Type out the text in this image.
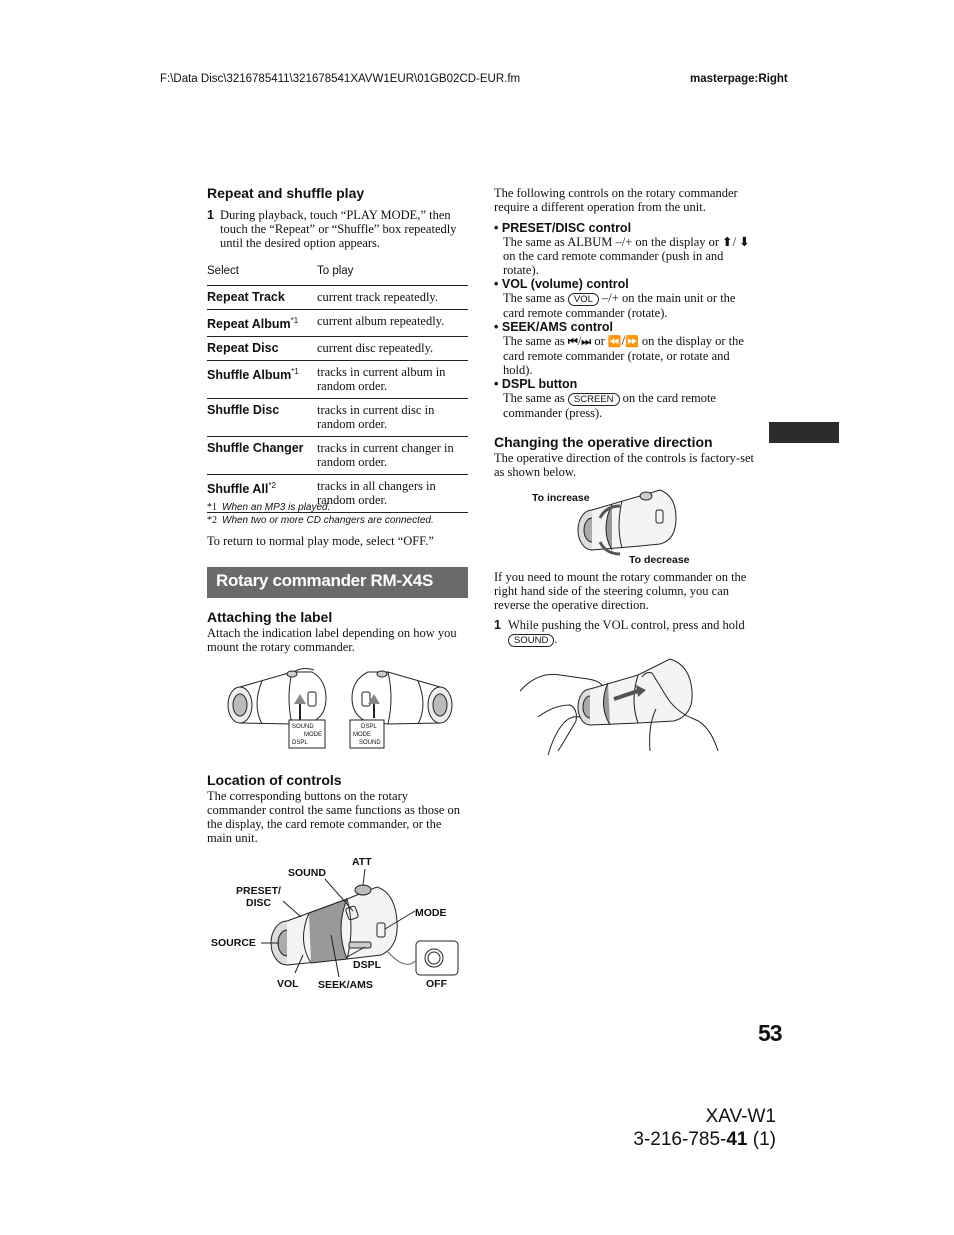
F:\Data Disc\3216785411\321678541XAVW1EUR\01GB02CD-EUR.fm	masterpage:Right
Repeat and shuffle play
1 During playback, touch “PLAY MODE,” then touch the “Repeat” or “Shuffle” box repeatedly until the desired option appears.
Select	To play
Repeat Track	current track repeatedly.
Repeat Album$^{*1}$	current album repeatedly.
Repeat Disc	current disc repeatedly.
Shuffle Album$^{*1}$	tracks in current album in random order.
Shuffle Disc	tracks in current disc in random order.
Shuffle Changer	tracks in current changer in random order.
Shuffle All$^{*2}$	tracks in all changers in random order.
*1 When an MP3 is played.
*2 When two or more CD changers are connected.
To return to normal play mode, select “OFF.”
Rotary commander RM-X4S
Attaching the label
Attach the indication label depending on how you mount the rotary commander.
SOUND
MODE
DSPL
DSPL
MODE
SOUND
Location of controls
The corresponding buttons on the rotary commander control the same functions as those on the display, the card remote commander, or the main unit.
ATT
SOUND
PRESET/
DISC
MODE
SOURCE
DSPL
VOL SEEK/AMS	OFF
The following controls on the rotary commander require a different operation from the unit.
• PRESET/DISC control
The same as ALBUM –/+ on the display or ⬆/ ⬇ on the card remote commander (push in and rotate).
• VOL (volume) control
The same as VOL –/+ on the main unit or the card remote commander (rotate).
• SEEK/AMS control
The same as ⏮/⏭ or ⏪/⏩ on the display or the card remote commander (rotate, or rotate and hold).
• DSPL button
The same as SCREEN on the card remote commander (press).
Changing the operative direction
The operative direction of the controls is factory-set as shown below.
To increase
To decrease
If you need to mount the rotary commander on the right hand side of the steering column, you can reverse the operative direction.
1 While pushing the VOL control, press and hold SOUND .
53
XAV-W1
3-216-785-41 (1)
